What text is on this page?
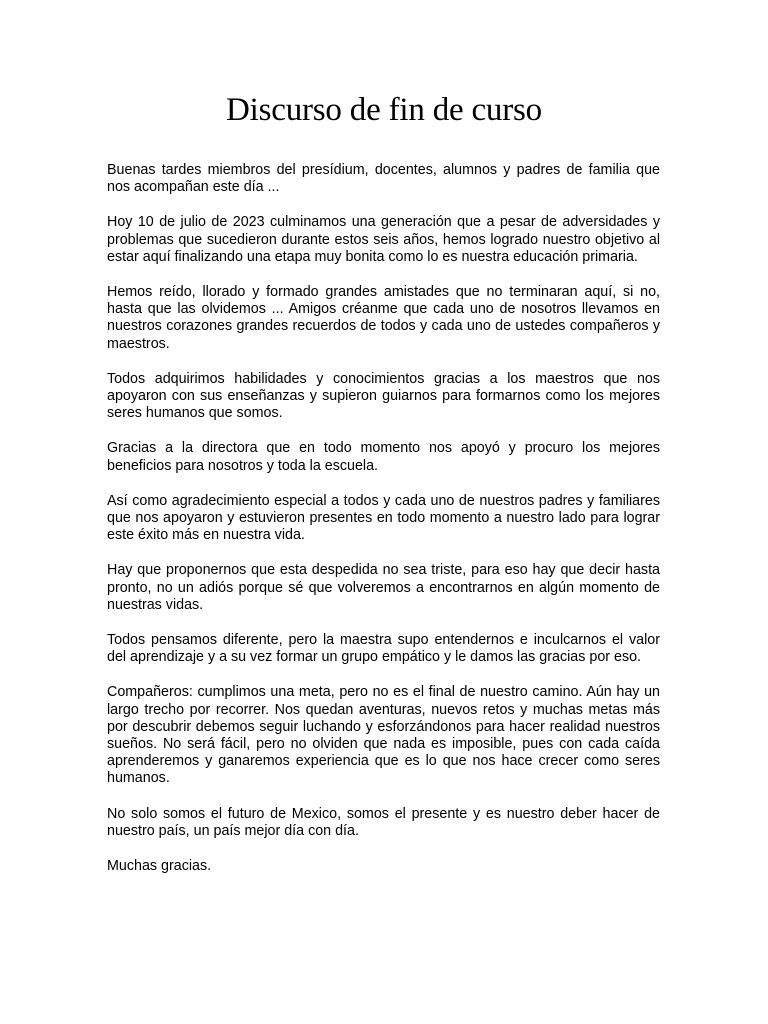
Discurso de fin de curso

Buenas tardes miembros del presídium, docentes, alumnos y padres de familia que nos acompañan este día ...

Hoy 10 de julio de 2023 culminamos una generación que a pesar de adversidades y problemas que sucedieron durante estos seis años, hemos logrado nuestro objetivo al estar aquí finalizando una etapa muy bonita como lo es nuestra educación primaria.

Hemos reído, llorado y formado grandes amistades que no terminaran aquí, si no, hasta que las olvidemos ... Amigos créanme que cada uno de nosotros llevamos en nuestros corazones grandes recuerdos de todos y cada uno de ustedes compañeros y maestros.

Todos adquirimos habilidades y conocimientos gracias a los maestros que nos apoyaron con sus enseñanzas y supieron guiarnos para formarnos como los mejores seres humanos que somos.

Gracias a la directora que en todo momento nos apoyó y procuro los mejores beneficios para nosotros y toda la escuela.

Así como agradecimiento especial a todos y cada uno de nuestros padres y familiares que nos apoyaron y estuvieron presentes en todo momento a nuestro lado para lograr este éxito más en nuestra vida.

Hay que proponernos que esta despedida no sea triste, para eso hay que decir hasta pronto, no un adiós porque sé que volveremos a encontrarnos en algún momento de nuestras vidas.

Todos pensamos diferente, pero la maestra supo entendernos e inculcarnos el valor del aprendizaje y a su vez formar un grupo empático y le damos las gracias por eso.

Compañeros: cumplimos una meta, pero no es el final de nuestro camino. Aún hay un largo trecho por recorrer. Nos quedan aventuras, nuevos retos y muchas metas más por descubrir debemos seguir luchando y esforzándonos para hacer realidad nuestros sueños. No será fácil, pero no olviden que nada es imposible, pues con cada caída aprenderemos y ganaremos experiencia que es lo que nos hace crecer como seres humanos.

No solo somos el futuro de Mexico, somos el presente y es nuestro deber hacer de nuestro país, un país mejor día con día.

Muchas gracias.
